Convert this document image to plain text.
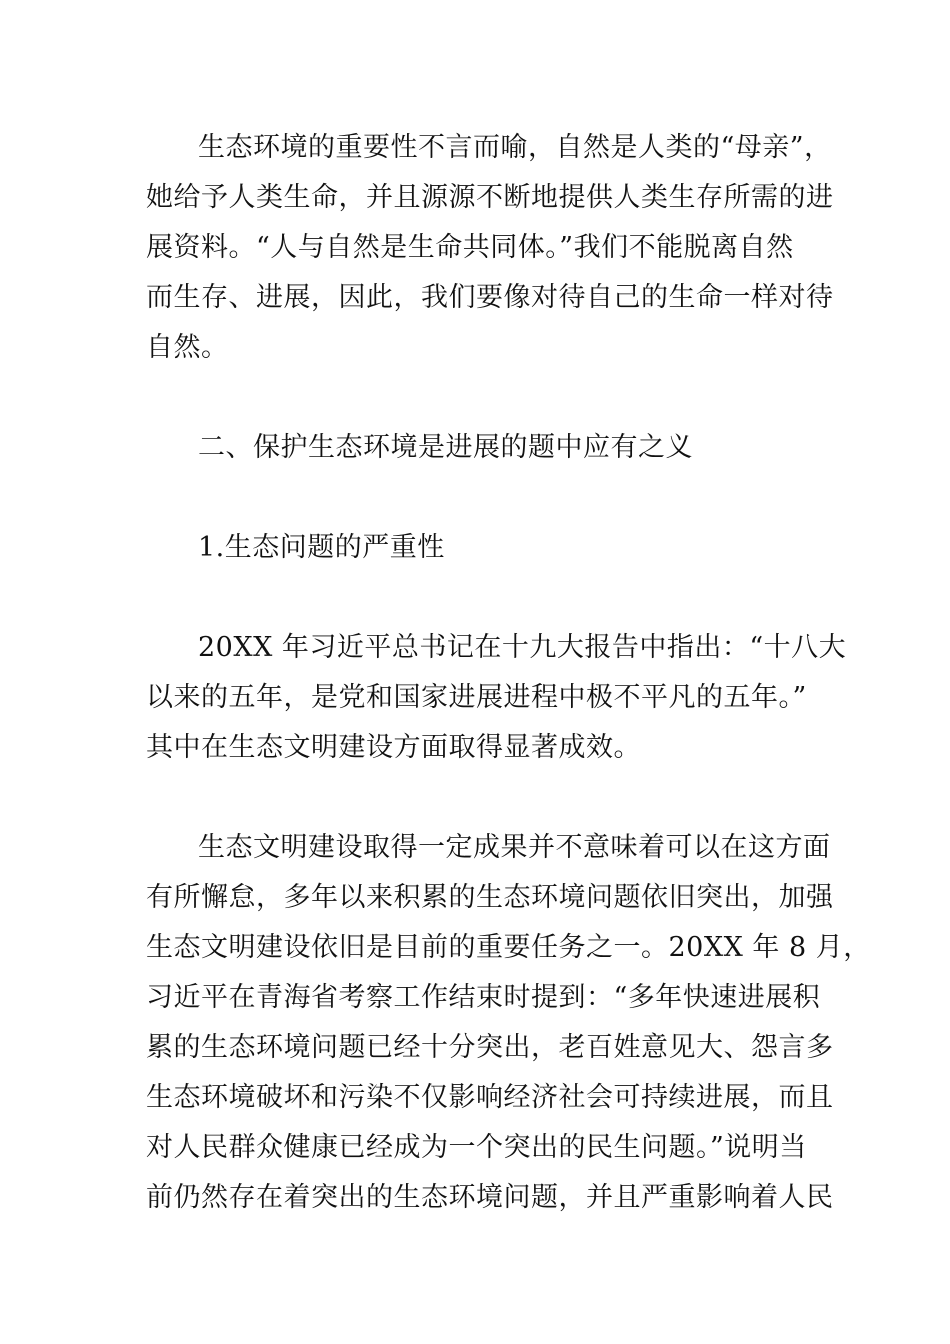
生态环境的重要性不言而喻，自然是人类的“母亲”，
她给予人类生命，并且源源不断地提供人类生存所需的进
展资料。“人与自然是生命共同体。”我们不能脱离自然
而生存、进展，因此，我们要像对待自己的生命一样对待
自然。
二、保护生态环境是进展的题中应有之义
1.生态问题的严重性
20XX 年习近平总书记在十九大报告中指出：“十八大
以来的五年，是党和国家进展进程中极不平凡的五年。”
其中在生态文明建设方面取得显著成效。
生态文明建设取得一定成果并不意味着可以在这方面
有所懈怠，多年以来积累的生态环境问题依旧突出，加强
生态文明建设依旧是目前的重要任务之一。20XX 年 8 月，
习近平在青海省考察工作结束时提到：“多年快速进展积
累的生态环境问题已经十分突出，老百姓意见大、怨言多
生态环境破坏和污染不仅影响经济社会可持续进展，而且
对人民群众健康已经成为一个突出的民生问题。”说明当
前仍然存在着突出的生态环境问题，并且严重影响着人民
